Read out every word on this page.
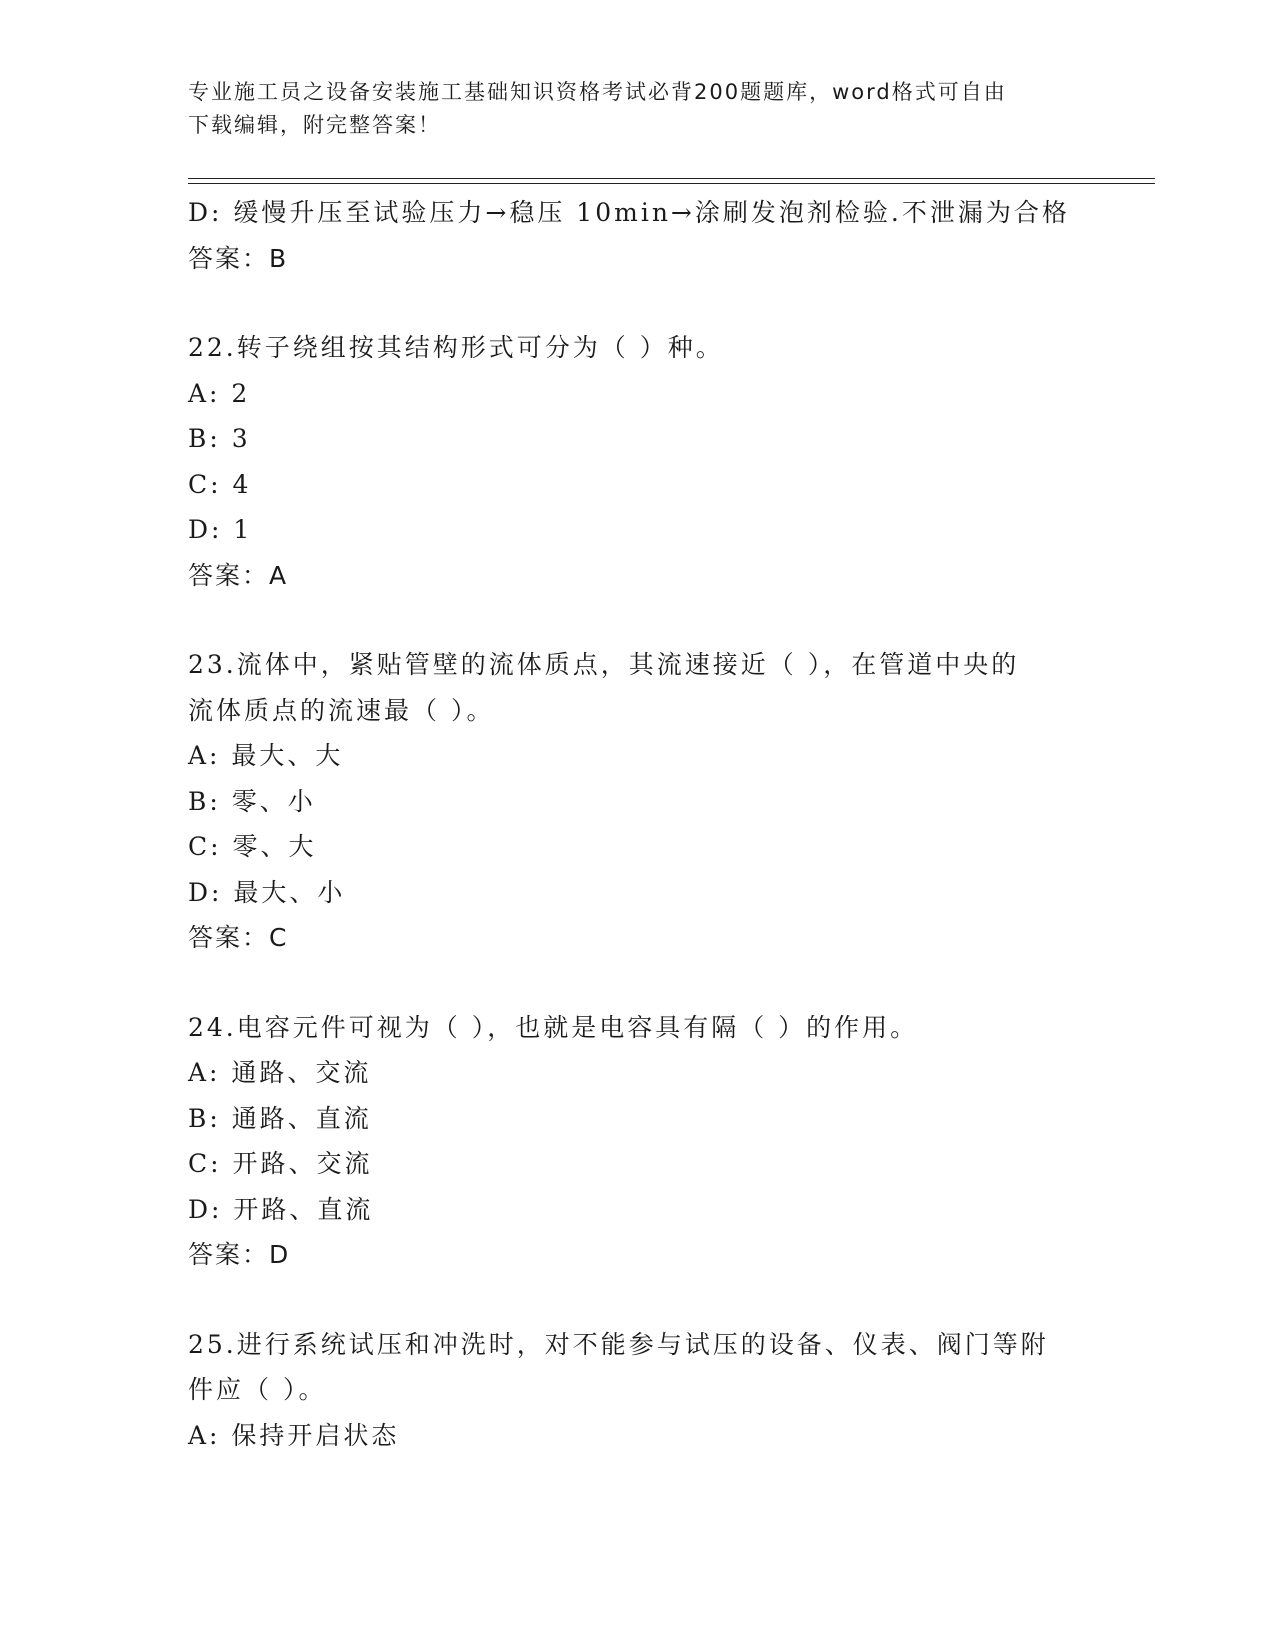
专业施工员之设备安装施工基础知识资格考试必背200题题库，word格式可自由
下载编辑，附完整答案！
D: 缓慢升压至试验压力→稳压 10min→涂刷发泡剂检验.不泄漏为合格
答案：B
22.转子绕组按其结构形式可分为（ ）种。
A: 2
B: 3
C: 4
D: 1
答案：A
23.流体中，紧贴管壁的流体质点，其流速接近（ ），在管道中央的
流体质点的流速最（ ）。
A: 最大、大
B: 零、小
C: 零、大
D: 最大、小
答案：C
24.电容元件可视为（ ），也就是电容具有隔（ ）的作用。
A: 通路、交流
B: 通路、直流
C: 开路、交流
D: 开路、直流
答案：D
25.进行系统试压和冲洗时，对不能参与试压的设备、仪表、阀门等附
件应（ ）。
A: 保持开启状态
